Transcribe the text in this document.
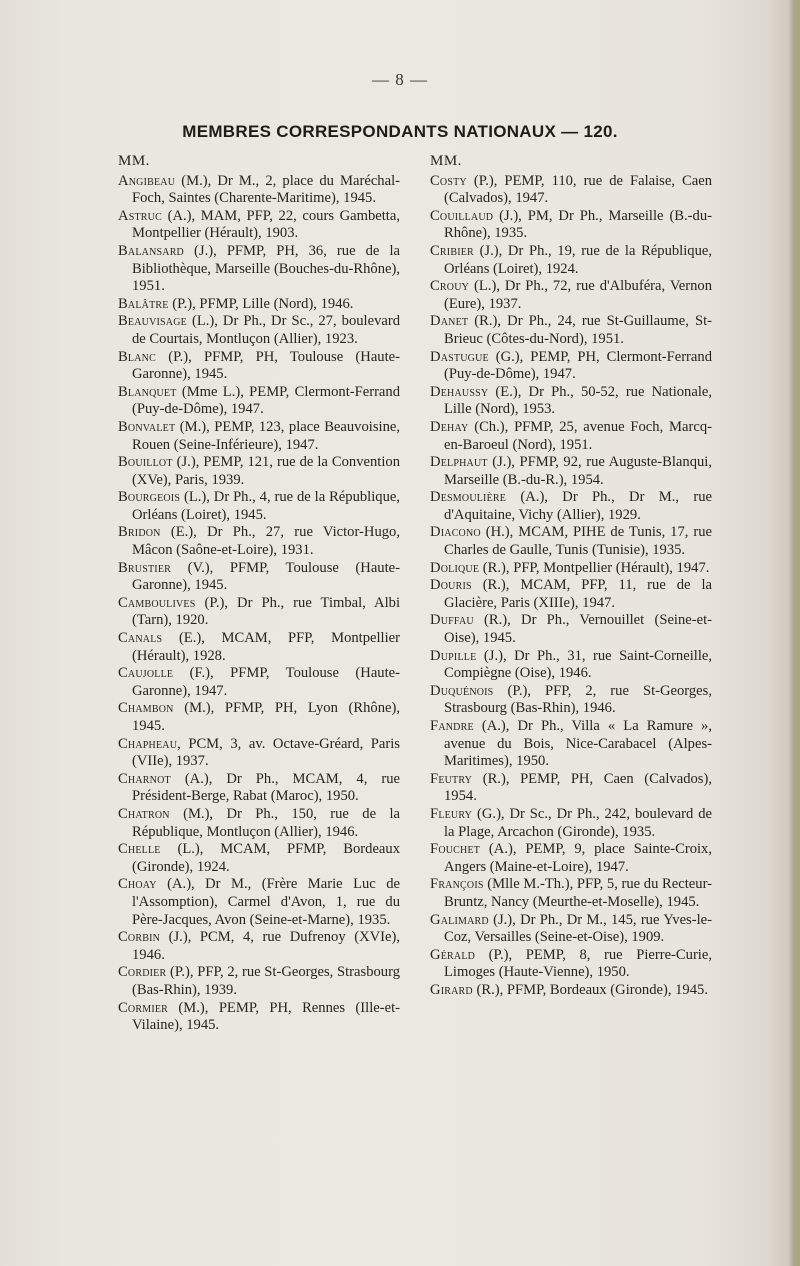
— 8 —
MEMBRES CORRESPONDANTS NATIONAUX — 120.
MM.

Angibeau (M.), Dr M., 2, place du Maréchal-Foch, Saintes (Charente-Maritime), 1945.

Astruc (A.), MAM, PFP, 22, cours Gambetta, Montpellier (Hérault), 1903.

Balansard (J.), PFMP, PH, 36, rue de la Bibliothèque, Marseille (Bouches-du-Rhône), 1951.

Balâtre (P.), PFMP, Lille (Nord), 1946.

Beauvisage (L.), Dr Ph., Dr Sc., 27, boulevard de Courtais, Montluçon (Allier), 1923.

Blanc (P.), PFMP, PH, Toulouse (Haute-Garonne), 1945.

Blanquet (Mme L.), PEMP, Clermont-Ferrand (Puy-de-Dôme), 1947.

Bonvalet (M.), PEMP, 123, place Beauvoisine, Rouen (Seine-Inférieure), 1947.

Bouillot (J.), PEMP, 121, rue de la Convention (XVe), Paris, 1939.

Bourgeois (L.), Dr Ph., 4, rue de la République, Orléans (Loiret), 1945.

Bridon (E.), Dr Ph., 27, rue Victor-Hugo, Mâcon (Saône-et-Loire), 1931.

Brustier (V.), PFMP, Toulouse (Haute-Garonne), 1945.

Camboulives (P.), Dr Ph., rue Timbal, Albi (Tarn), 1920.

Canals (E.), MCAM, PFP, Montpellier (Hérault), 1928.

Caujolle (F.), PFMP, Toulouse (Haute-Garonne), 1947.

Chambon (M.), PFMP, PH, Lyon (Rhône), 1945.

Chapheau, PCM, 3, av. Octave-Gréard, Paris (VIIe), 1937.

Charnot (A.), Dr Ph., MCAM, 4, rue Président-Berge, Rabat (Maroc), 1950.

Chatron (M.), Dr Ph., 150, rue de la République, Montluçon (Allier), 1946.

Chelle (L.), MCAM, PFMP, Bordeaux (Gironde), 1924.

Choay (A.), Dr M., (Frère Marie Luc de l'Assomption), Carmel d'Avon, 1, rue du Père-Jacques, Avon (Seine-et-Marne), 1935.

Corbin (J.), PCM, 4, rue Dufrenoy (XVIe), 1946.

Cordier (P.), PFP, 2, rue St-Georges, Strasbourg (Bas-Rhin), 1939.

Cormier (M.), PEMP, PH, Rennes (Ille-et-Vilaine), 1945.

MM.

Costy (P.), PEMP, 110, rue de Falaise, Caen (Calvados), 1947.

Couillaud (J.), PM, Dr Ph., Marseille (B.-du-Rhône), 1935.

Cribier (J.), Dr Ph., 19, rue de la République, Orléans (Loiret), 1924.

Crouy (L.), Dr Ph., 72, rue d'Albuféra, Vernon (Eure), 1937.

Danet (R.), Dr Ph., 24, rue St-Guillaume, St-Brieuc (Côtes-du-Nord), 1951.

Dastugue (G.), PEMP, PH, Clermont-Ferrand (Puy-de-Dôme), 1947.

Dehaussy (E.), Dr Ph., 50-52, rue Nationale, Lille (Nord), 1953.

Dehay (Ch.), PFMP, 25, avenue Foch, Marcq-en-Baroeul (Nord), 1951.

Delphaut (J.), PFMP, 92, rue Auguste-Blanqui, Marseille (B.-du-R.), 1954.

Desmoulière (A.), Dr Ph., Dr M., rue d'Aquitaine, Vichy (Allier), 1929.

Diacono (H.), MCAM, PIHE de Tunis, 17, rue Charles de Gaulle, Tunis (Tunisie), 1935.

Dolique (R.), PFP, Montpellier (Hérault), 1947.

Douris (R.), MCAM, PFP, 11, rue de la Glacière, Paris (XIIIe), 1947.

Duffau (R.), Dr Ph., Vernouillet (Seine-et-Oise), 1945.

Dupille (J.), Dr Ph., 31, rue Saint-Corneille, Compiègne (Oise), 1946.

Duquénois (P.), PFP, 2, rue St-Georges, Strasbourg (Bas-Rhin), 1946.

Fandre (A.), Dr Ph., Villa « La Ramure », avenue du Bois, Nice-Carabacel (Alpes-Maritimes), 1950.

Feutry (R.), PEMP, PH, Caen (Calvados), 1954.

Fleury (G.), Dr Sc., Dr Ph., 242, boulevard de la Plage, Arcachon (Gironde), 1935.

Fouchet (A.), PEMP, 9, place Sainte-Croix, Angers (Maine-et-Loire), 1947.

François (Mlle M.-Th.), PFP, 5, rue du Recteur-Bruntz, Nancy (Meurthe-et-Moselle), 1945.

Galimard (J.), Dr Ph., Dr M., 145, rue Yves-le-Coz, Versailles (Seine-et-Oise), 1909.

Gérald (P.), PEMP, 8, rue Pierre-Curie, Limoges (Haute-Vienne), 1950.

Girard (R.), PFMP, Bordeaux (Gironde), 1945.
